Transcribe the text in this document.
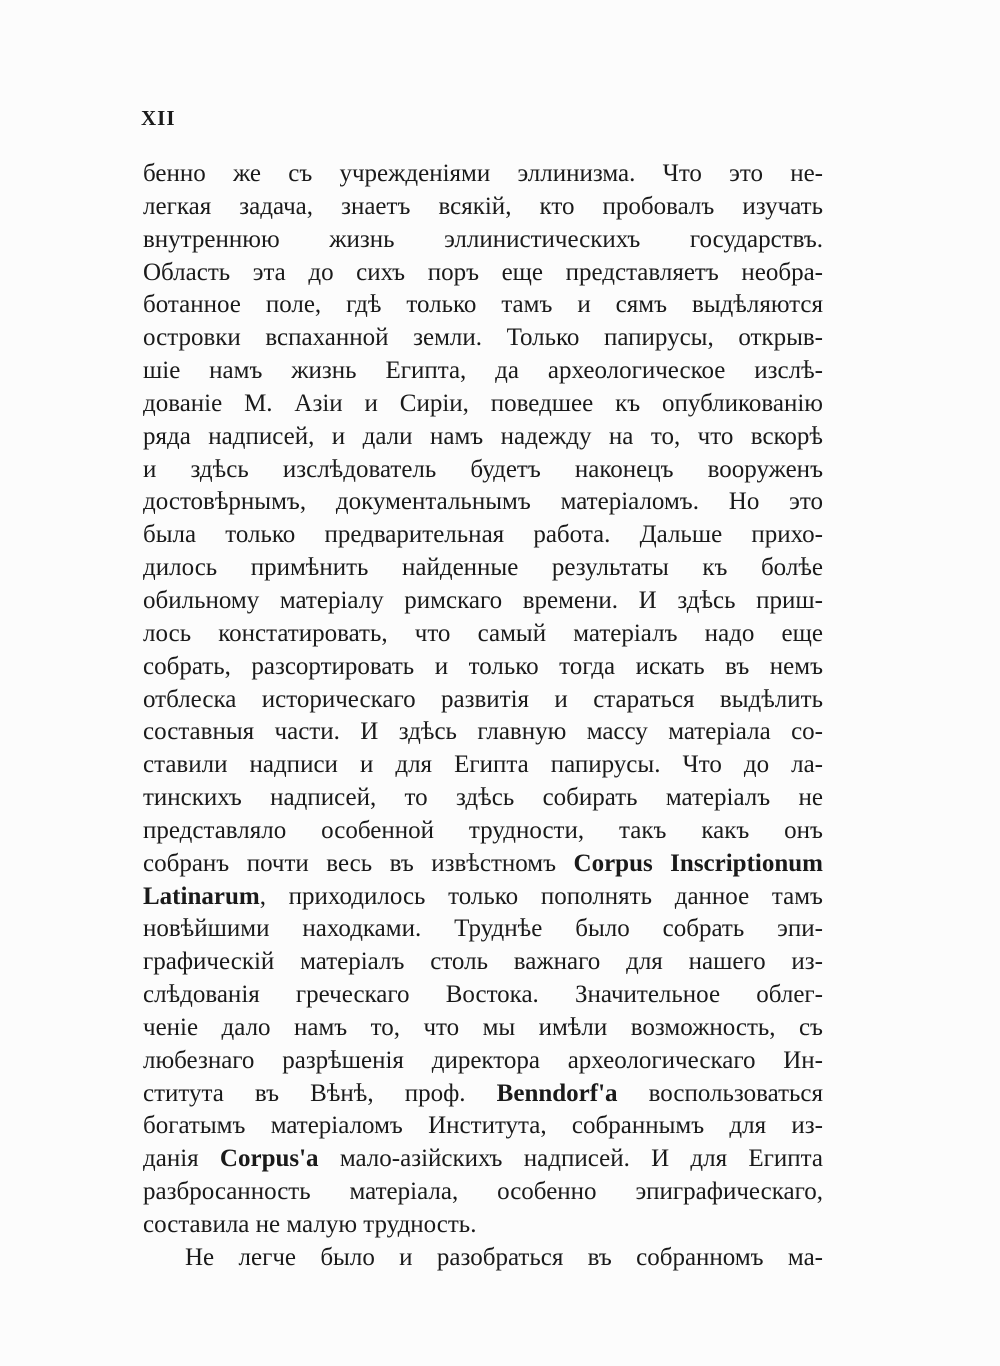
XII
бенно же съ учрежденіями эллинизма. Что это не-
легкая задача, знаетъ всякій, кто пробовалъ изучать
внутреннюю жизнь эллинистическихъ государствъ.
Область эта до сихъ поръ еще представляетъ необра-
ботанное поле, гдѣ только тамъ и сямъ выдѣляются
островки вспаханной земли. Только папирусы, открыв-
шіе намъ жизнь Египта, да археологическое изслѣ-
дованіе М. Азіи и Сиріи, поведшее къ опубликованію
ряда надписей, и дали намъ надежду на то, что вскорѣ
и здѣсь изслѣдователь будетъ наконецъ вооруженъ
достовѣрнымъ, документальнымъ матеріаломъ. Но это
была только предварительная работа. Дальше прихо-
дилось примѣнить найденные результаты къ болѣе
обильному матеріалу римскаго времени. И здѣсь приш-
лось констатировать, что самый матеріалъ надо еще
собрать, разсортировать и только тогда искать въ немъ
отблеска историческаго развитія и стараться выдѣлить
составныя части. И здѣсь главную массу матеріала со-
ставили надписи и для Египта папирусы. Что до ла-
тинскихъ надписей, то здѣсь собирать матеріалъ не
представляло особенной трудности, такъ какъ онъ
собранъ почти весь въ извѣстномъ Corpus Inscriptionum
Latinarum, приходилось только пополнять данное тамъ
новѣйшими находками. Труднѣе было собрать эпи-
графическій матеріалъ столь важнаго для нашего из-
слѣдованія греческаго Востока. Значительное облег-
ченіе дало намъ то, что мы имѣли возможность, съ
любезнаго разрѣшенія директора археологическаго Ин-
ститута въ Вѣнѣ, проф. Benndorf'a воспользоваться
богатымъ матеріаломъ Института, собраннымъ для из-
данія Corpus'a мало-азійскихъ надписей. И для Египта
разбросанность матеріала, особенно эпиграфическаго,
составила не малую трудность.
Не легче было и разобраться въ собранномъ ма-
